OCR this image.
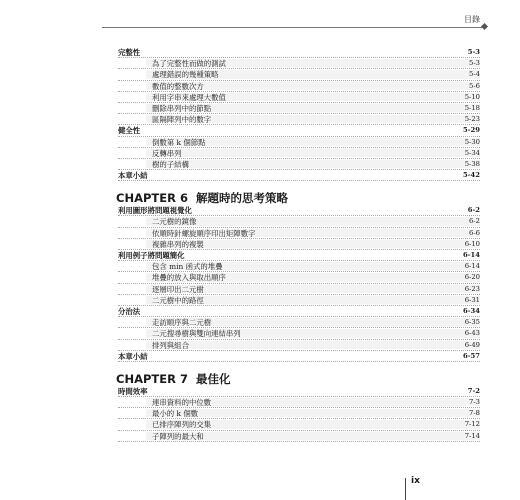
目錄
完整性	5-3
為了完整性而做的測試	5-3
處理錯誤的幾種策略	5-4
數值的整數次方	5-6
利用字串來處理大數值	5-10
刪除串列中的節點	5-18
區隔陣列中的數字	5-23
健全性	5-29
倒數第 k 個節點	5-30
反轉串列	5-34
樹的子結構	5-38
本章小結	5-42
CHAPTER 6 解題時的思考策略
利用圖形將問題視覺化	6-2
二元樹的鏡像	6-2
依順時針螺旋順序印出矩陣數字	6-6
複雜串列的複製	6-10
利用例子將問題簡化	6-14
包含 min 函式的堆疊	6-14
堆疊的放入與取出順序	6-20
逐層印出二元樹	6-23
二元樹中的路徑	6-31
分治法	6-34
走訪順序與二元樹	6-35
二元搜尋樹與雙向連結串列	6-43
排列與組合	6-49
本章小結	6-57
CHAPTER 7 最佳化
時間效率	7-2
連串資料的中位數	7-3
最小的 k 個數	7-8
已排序陣列的交集	7-12
子陣列的最大和	7-14
ix
